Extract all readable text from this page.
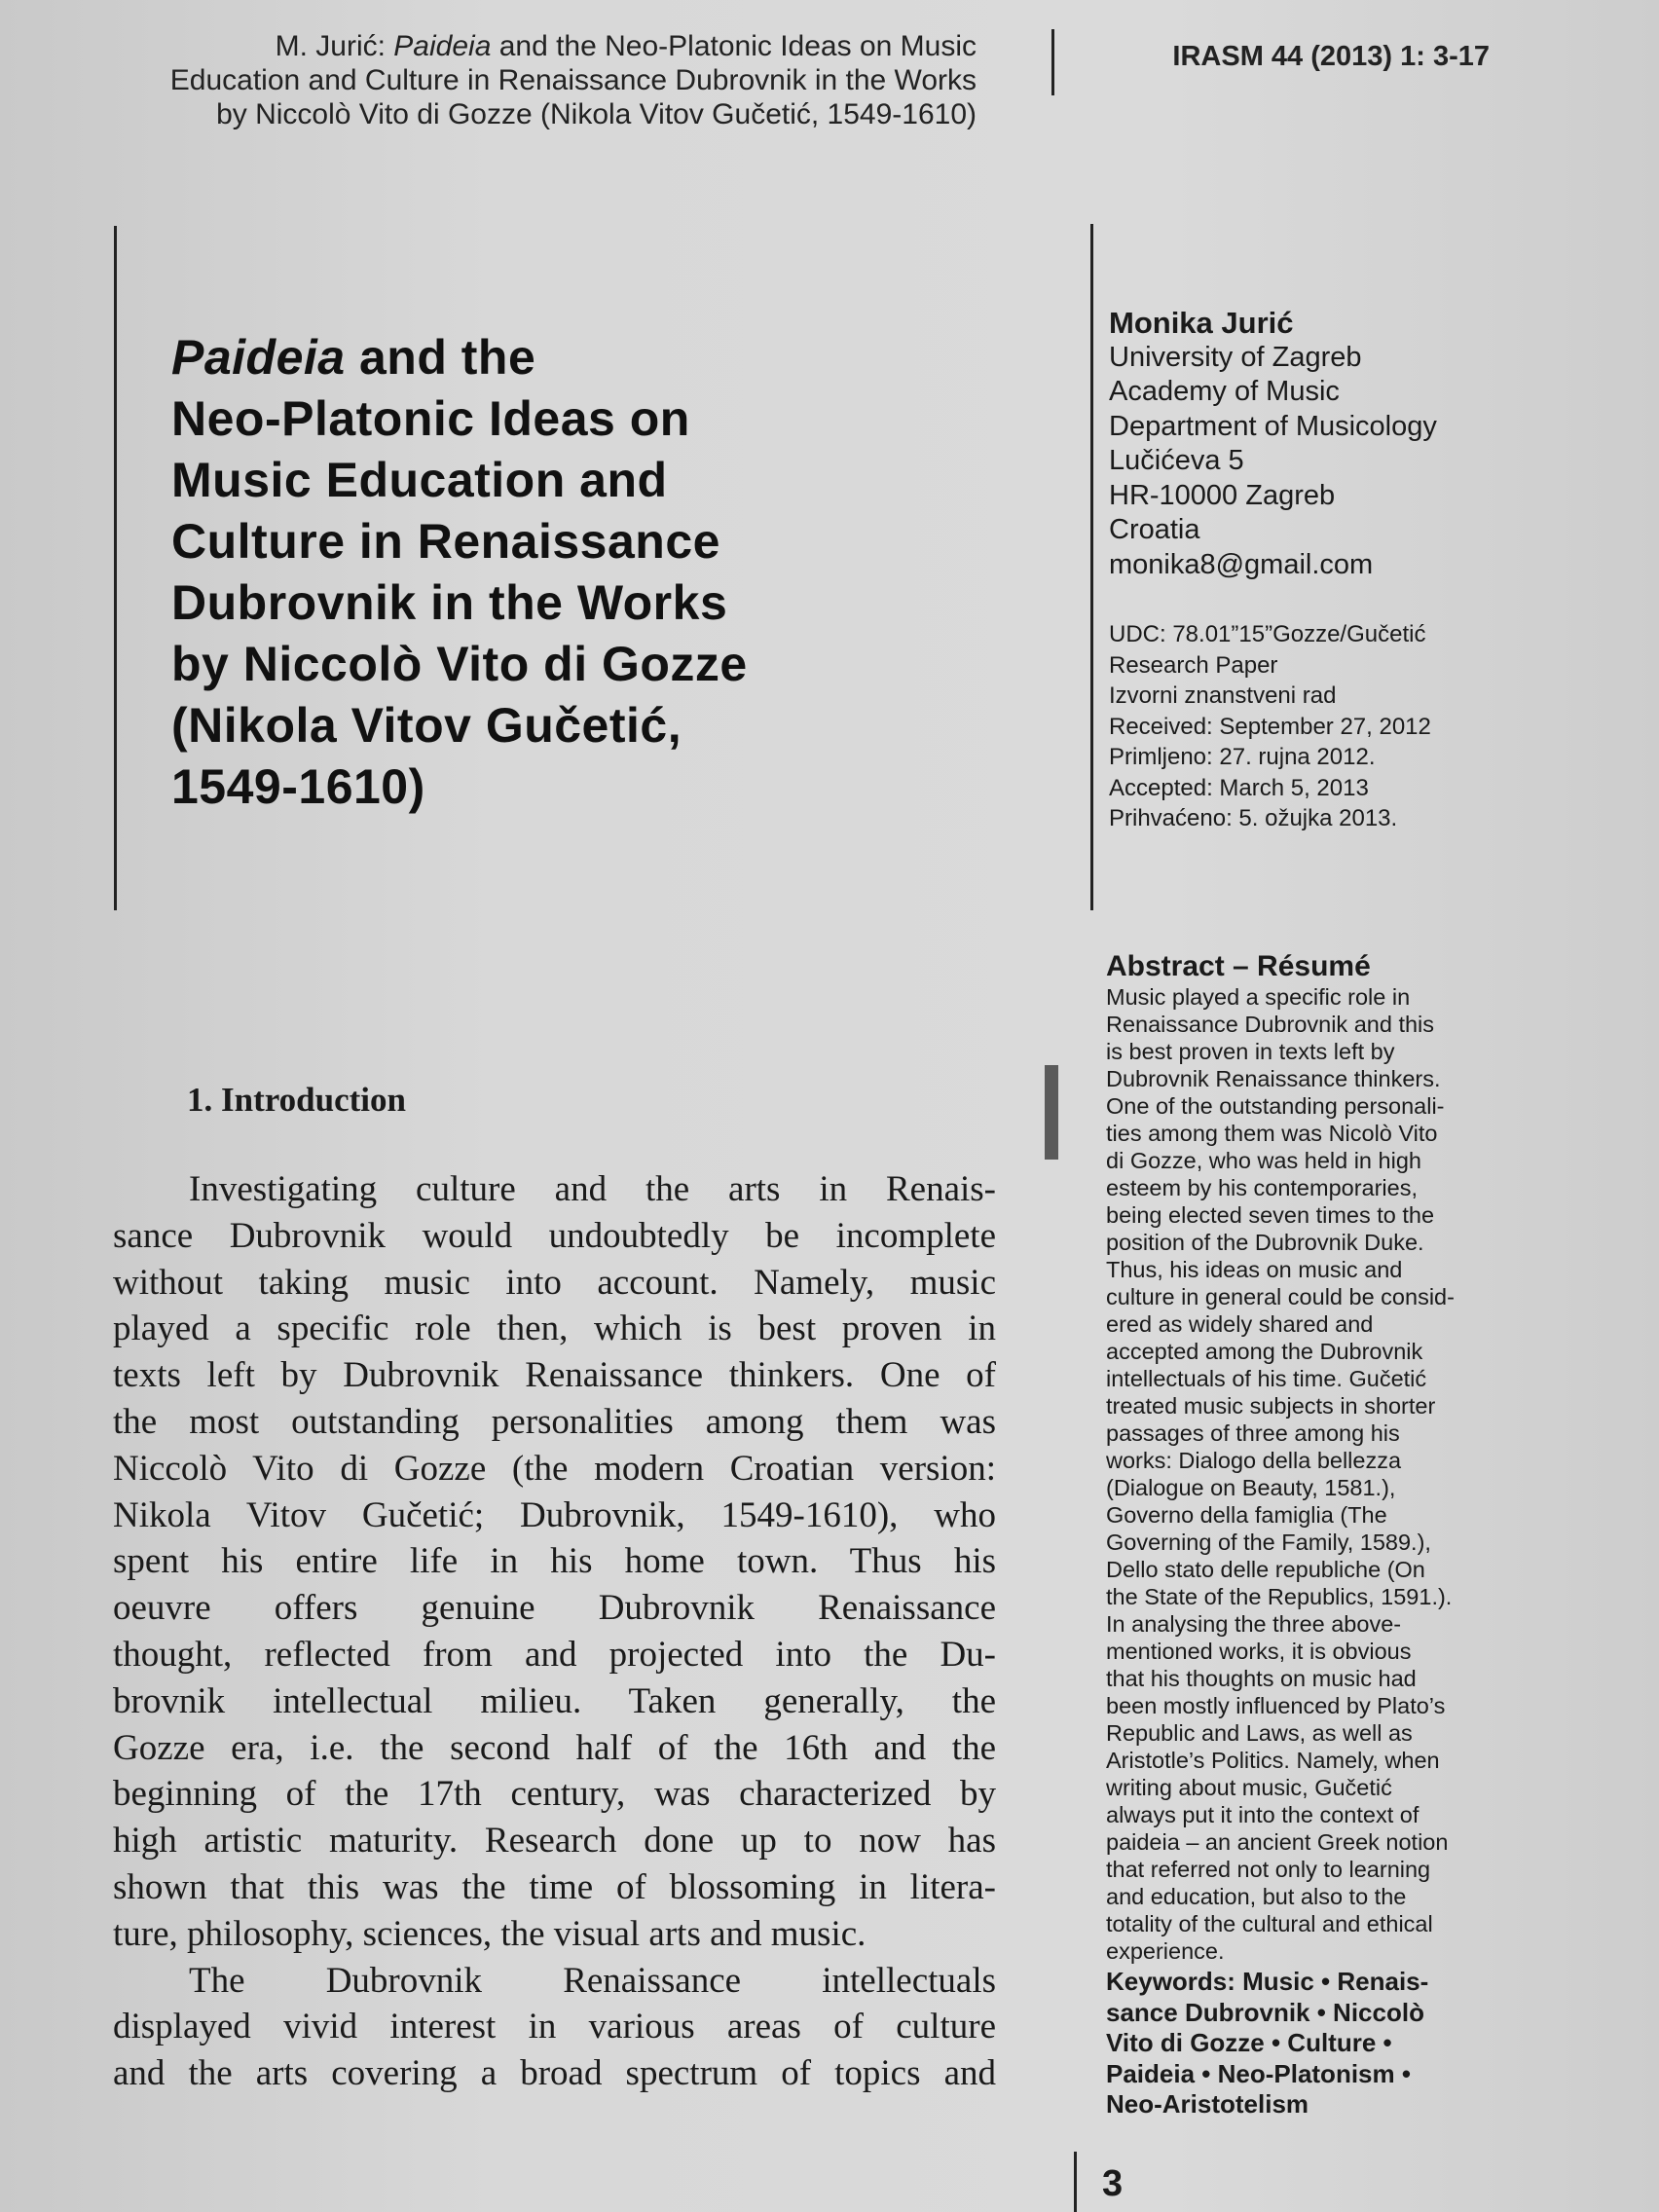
M. Jurić: Paideia and the Neo-Platonic Ideas on Music
Education and Culture in Renaissance Dubrovnik in the Works
by Niccolò Vito di Gozze (Nikola Vitov Gučetić, 1549-1610)
IRASM 44 (2013) 1: 3-17
Paideia and the
Neo-Platonic Ideas on
Music Education and
Culture in Renaissance
Dubrovnik in the Works
by Niccolò Vito di Gozze
(Nikola Vitov Gučetić,
1549-1610)
Monika Jurić
University of Zagreb
Academy of Music
Department of Musicology
Lučićeva 5
HR-10000 Zagreb
Croatia
monika8@gmail.com
UDC: 78.01”15”Gozze/Gučetić
Research Paper
Izvorni znanstveni rad
Received: September 27, 2012
Primljeno: 27. rujna 2012.
Accepted: March 5, 2013
Prihvaćeno: 5. ožujka 2013.
Abstract – Résumé
Music played a specific role in
Renaissance Dubrovnik and this
is best proven in texts left by
Dubrovnik Renaissance thinkers.
One of the outstanding personali-
ties among them was Nicolò Vito
di Gozze, who was held in high
esteem by his contemporaries,
being elected seven times to the
position of the Dubrovnik Duke.
Thus, his ideas on music and
culture in general could be consid-
ered as widely shared and
accepted among the Dubrovnik
intellectuals of his time. Gučetić
treated music subjects in shorter
passages of three among his
works: Dialogo della bellezza
(Dialogue on Beauty, 1581.),
Governo della famiglia (The
Governing of the Family, 1589.),
Dello stato delle republiche (On
the State of the Republics, 1591.).
In analysing the three above-
mentioned works, it is obvious
that his thoughts on music had
been mostly influenced by Plato’s
Republic and Laws, as well as
Aristotle’s Politics. Namely, when
writing about music, Gučetić
always put it into the context of
paideia – an ancient Greek notion
that referred not only to learning
and education, but also to the
totality of the cultural and ethical
experience.
Keywords: Music • Renais-
sance Dubrovnik • Niccolò
Vito di Gozze • Culture •
Paideia • Neo-Platonism •
Neo-Aristotelism
1. Introduction
Investigating culture and the arts in Renais-
sance Dubrovnik would undoubtedly be incomplete
without taking music into account. Namely, music
played a specific role then, which is best proven in
texts left by Dubrovnik Renaissance thinkers. One of
the most outstanding personalities among them was
Niccolò Vito di Gozze (the modern Croatian version:
Nikola Vitov Gučetić; Dubrovnik, 1549-1610), who
spent his entire life in his home town. Thus his
oeuvre offers genuine Dubrovnik Renaissance
thought, reflected from and projected into the Du-
brovnik intellectual milieu. Taken generally, the
Gozze era, i.e. the second half of the 16th and the
beginning of the 17th century, was characterized by
high artistic maturity. Research done up to now has
shown that this was the time of blossoming in litera-
ture, philosophy, sciences, the visual arts and music.
The Dubrovnik Renaissance intellectuals
displayed vivid interest in various areas of culture
and the arts covering a broad spectrum of topics and
3
